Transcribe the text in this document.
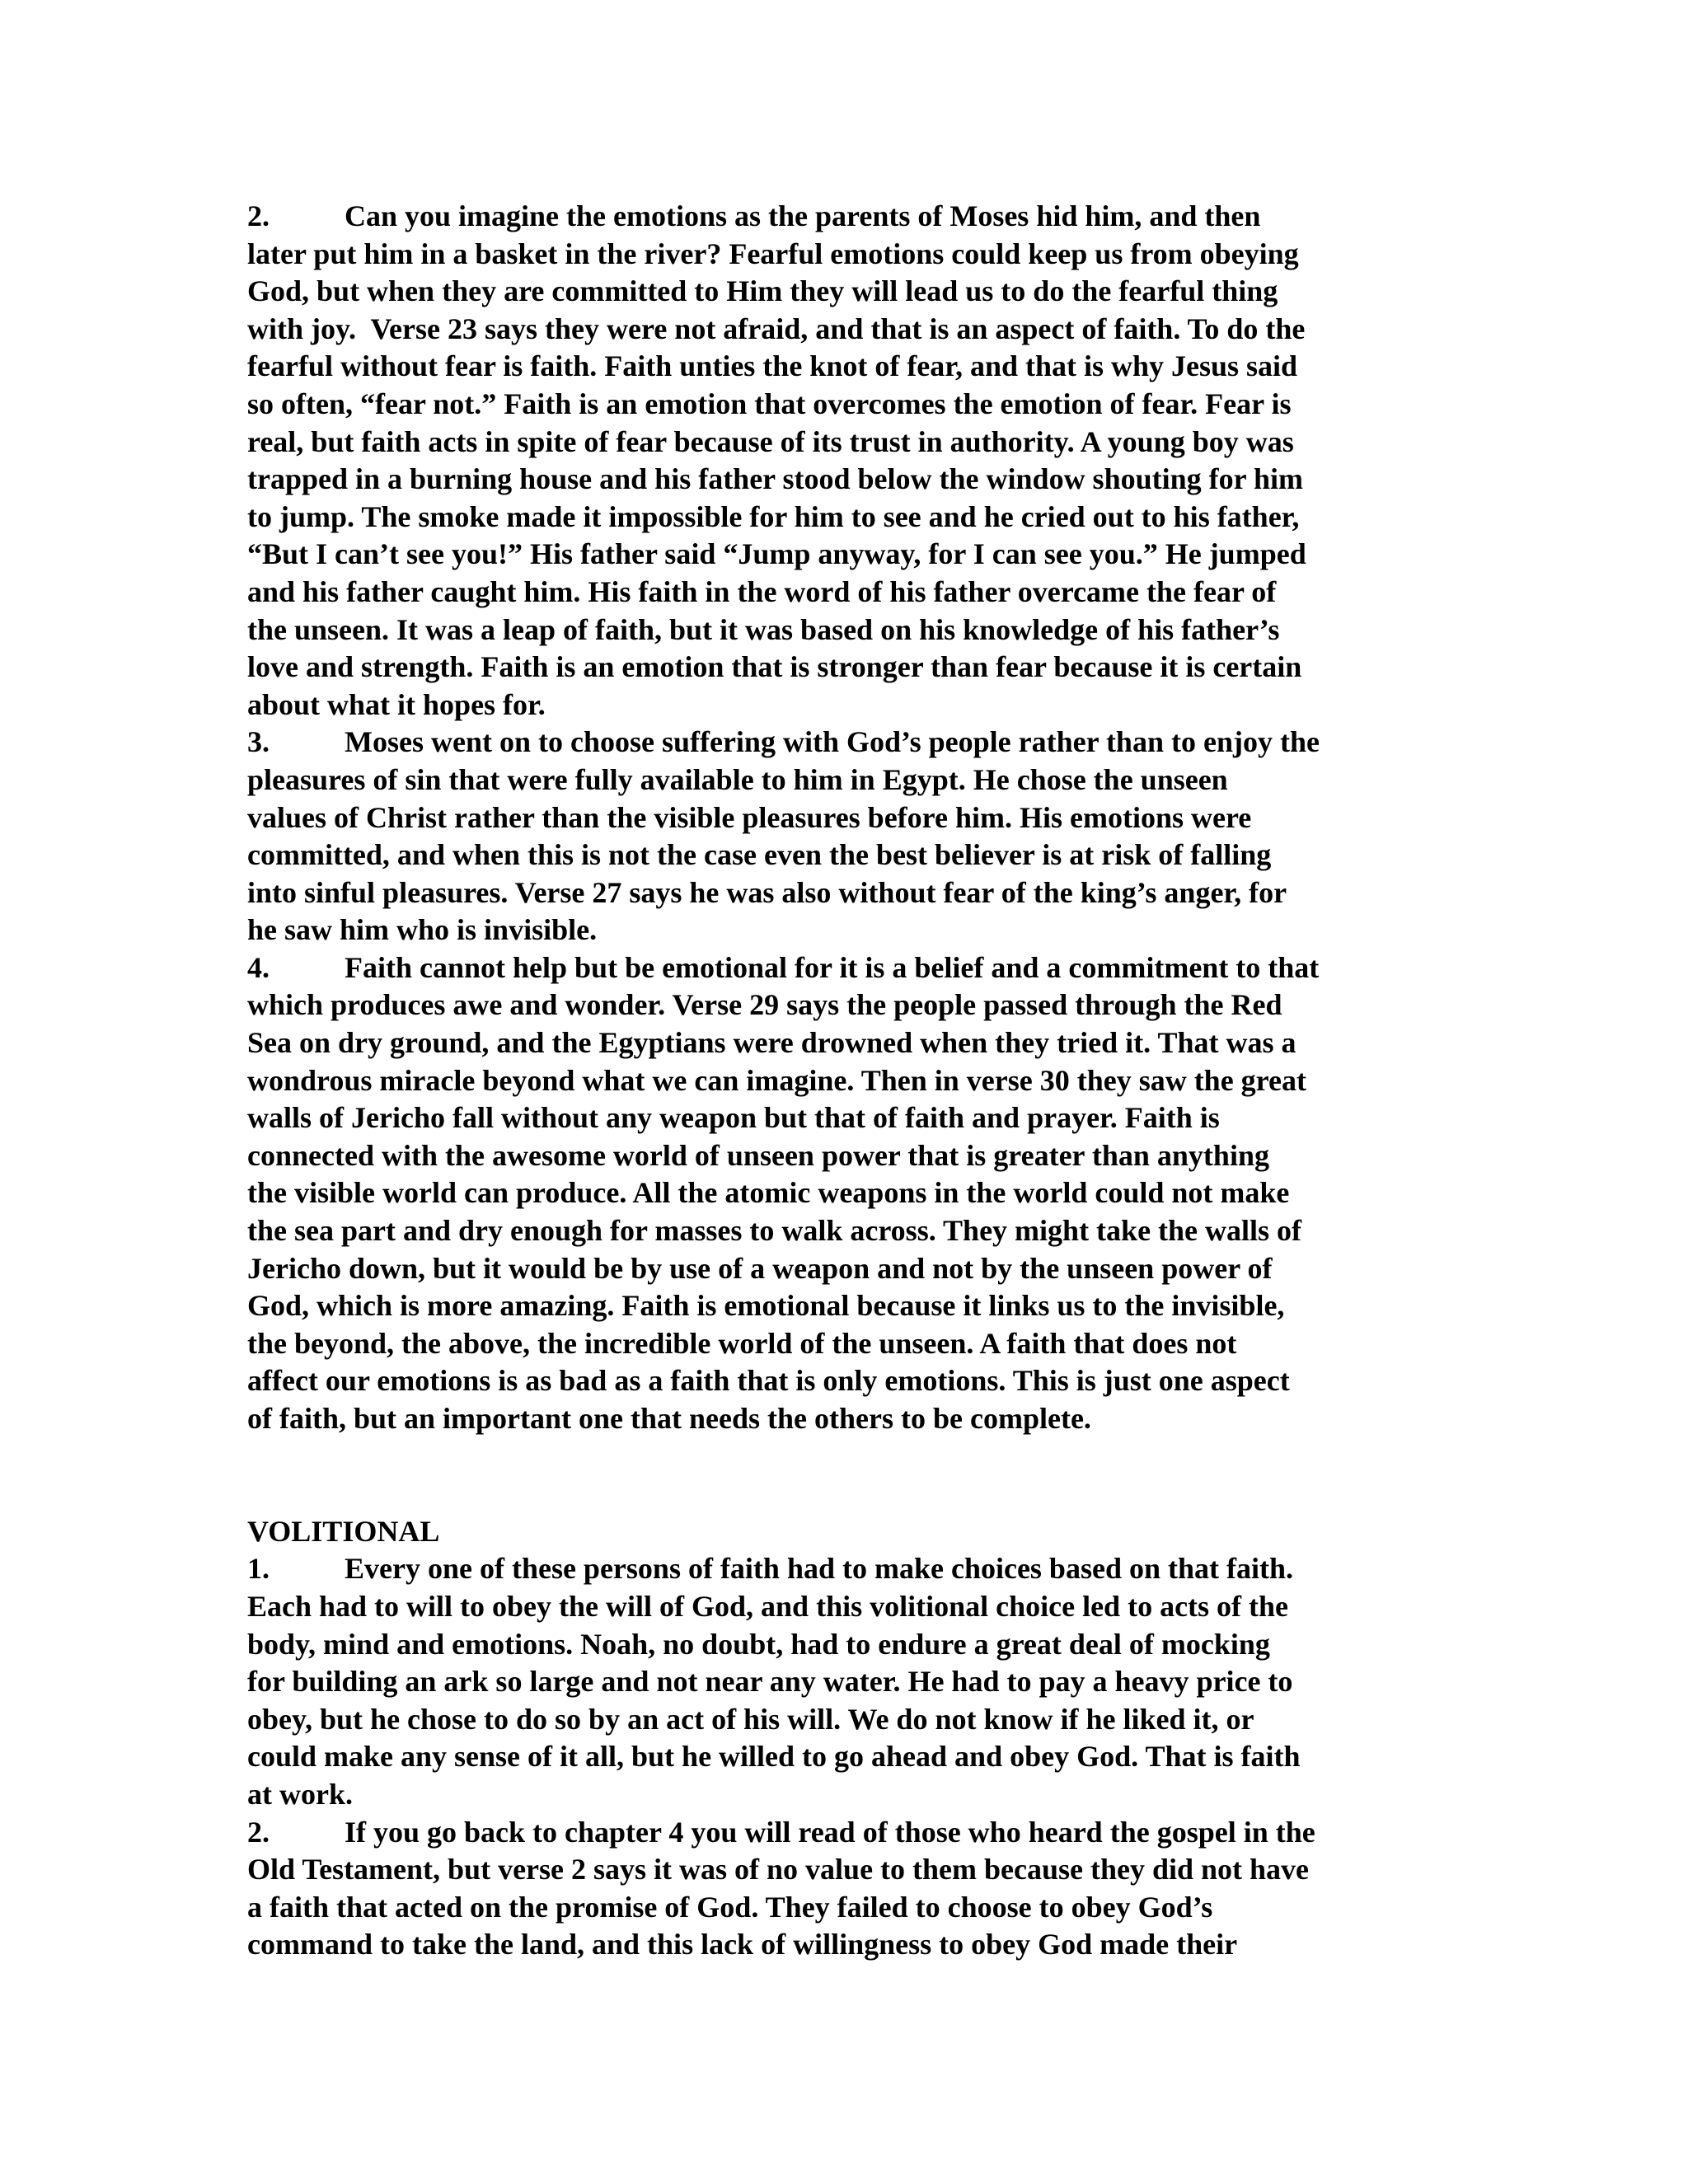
2.	Can you imagine the emotions as the parents of Moses hid him, and then
later put him in a basket in the river? Fearful emotions could keep us from obeying
God, but when they are committed to Him they will lead us to do the fearful thing
with joy.  Verse 23 says they were not afraid, and that is an aspect of faith. To do the
fearful without fear is faith. Faith unties the knot of fear, and that is why Jesus said
so often, “fear not.” Faith is an emotion that overcomes the emotion of fear. Fear is
real, but faith acts in spite of fear because of its trust in authority. A young boy was
trapped in a burning house and his father stood below the window shouting for him
to jump. The smoke made it impossible for him to see and he cried out to his father,
“But I can’t see you!” His father said “Jump anyway, for I can see you.” He jumped
and his father caught him. His faith in the word of his father overcame the fear of
the unseen. It was a leap of faith, but it was based on his knowledge of his father’s
love and strength. Faith is an emotion that is stronger than fear because it is certain
about what it hopes for.
3.	Moses went on to choose suffering with God’s people rather than to enjoy the
pleasures of sin that were fully available to him in Egypt. He chose the unseen
values of Christ rather than the visible pleasures before him. His emotions were
committed, and when this is not the case even the best believer is at risk of falling
into sinful pleasures. Verse 27 says he was also without fear of the king’s anger, for
he saw him who is invisible.
4.	Faith cannot help but be emotional for it is a belief and a commitment to that
which produces awe and wonder. Verse 29 says the people passed through the Red
Sea on dry ground, and the Egyptians were drowned when they tried it. That was a
wondrous miracle beyond what we can imagine. Then in verse 30 they saw the great
walls of Jericho fall without any weapon but that of faith and prayer. Faith is
connected with the awesome world of unseen power that is greater than anything
the visible world can produce. All the atomic weapons in the world could not make
the sea part and dry enough for masses to walk across. They might take the walls of
Jericho down, but it would be by use of a weapon and not by the unseen power of
God, which is more amazing. Faith is emotional because it links us to the invisible,
the beyond, the above, the incredible world of the unseen. A faith that does not
affect our emotions is as bad as a faith that is only emotions. This is just one aspect
of faith, but an important one that needs the others to be complete.
VOLITIONAL
1.	Every one of these persons of faith had to make choices based on that faith.
Each had to will to obey the will of God, and this volitional choice led to acts of the
body, mind and emotions. Noah, no doubt, had to endure a great deal of mocking
for building an ark so large and not near any water. He had to pay a heavy price to
obey, but he chose to do so by an act of his will. We do not know if he liked it, or
could make any sense of it all, but he willed to go ahead and obey God. That is faith
at work.
2.	If you go back to chapter 4 you will read of those who heard the gospel in the
Old Testament, but verse 2 says it was of no value to them because they did not have
a faith that acted on the promise of God. They failed to choose to obey God’s
command to take the land, and this lack of willingness to obey God made their
